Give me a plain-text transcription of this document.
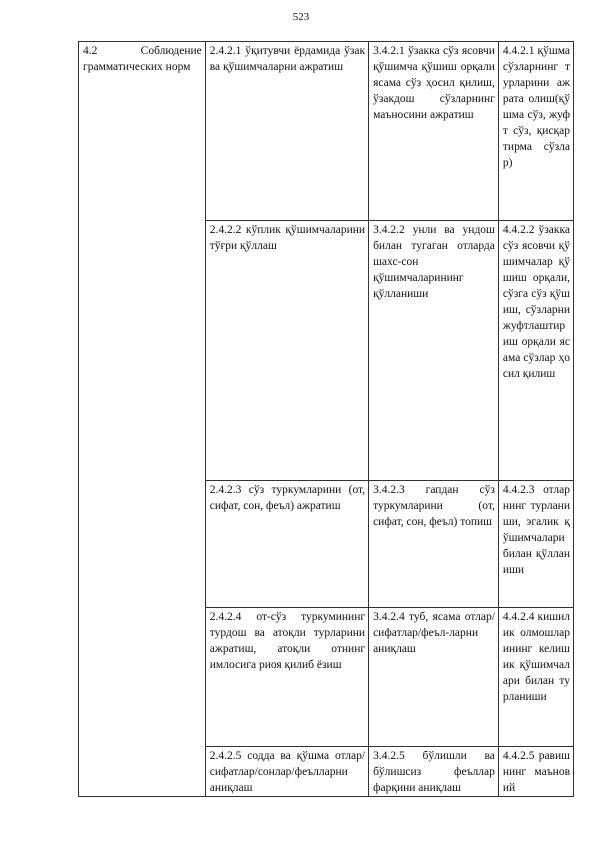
523
4.2 Соблюдение грамматических норм	2.4.2.1 ўқитувчи ёрдамида ўзак ва қўшимчаларни ажратиш	3.4.2.1 ўзакка сўз ясовчи қўшимча қўшиш орқали ясама сўз ҳосил қилиш, ўзакдош сўзларнинг маъносини ажратиш	4.4.2.1 қўшма сўзларнинг турларини ажрата олиш(қўшма сўз, жуфт сўз, қисқартирма сўзлар)

	2.4.2.2 кўплик қўшимчаларини тўғри қўллаш	3.4.2.2 унли ва ундош билан тугаган отларда шахс-сон қўшимчаларининг қўлланиши	4.4.2.2 ўзакка сўз ясовчи қўшимчалар қўшиш орқали, сўзга сўз қўшиш, сўзларни жуфтлаштириш орқали ясама сўзлар ҳосил қилиш

	2.4.2.3 сўз туркумларини (от, сифат, сон, феъл) ажратиш	3.4.2.3 гапдан сўз туркумларини (от, сифат, сон, феъл) топиш	4.4.2.3 отларнинг турланиши, эгалик қўшимчалари билан қўлланиши

	2.4.2.4 от-сўз туркумининг турдош ва атоқли турларини ажратиш, атоқли отнинг имлосига риоя қилиб ёзиш	3.4.2.4 туб, ясама отлар/сифатлар/феъл-ларни аниқлаш	4.4.2.4 кишилик олмошларининг келишик қўшимчалари билан турланиши

	2.4.2.5 содда ва қўшма отлар/сифатлар/сонлар/феълларни аниқлаш	3.4.2.5 бўлишли ва бўлишсиз феъллар фарқини аниқлаш	4.4.2.5 равишнинг маъновий
